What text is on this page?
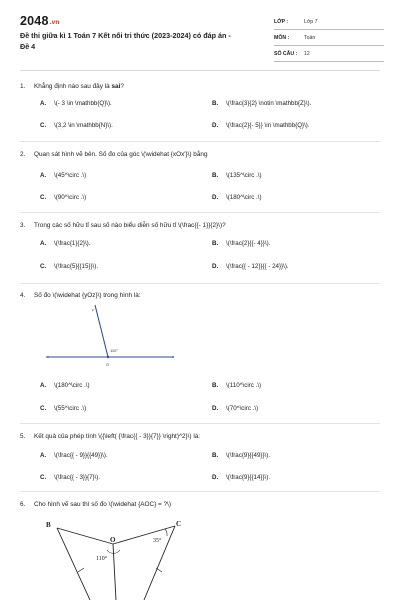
2048.vn
Đề thi giữa kì 1 Toán 7 Kết nối tri thức (2023-2024) có đáp án - Đề 4
LỚP :	Lớp 7
MÔN :	Toán
SỐ CÂU : 12
1. Khẳng định nào sau đây là sai?
A. \(- 3 \in \mathbb{Q}\).	B. \(\frac{3}{2} \notin \mathbb{Z}\).
C. \(3,2 \in \mathbb{N}\).	D. \(\frac{2}{- 5}} \in \mathbb{Q}\).
2. Quan sát hình vẽ bên. Số đo của góc \(\widehat {xOx'}\) bằng
A. \(45^\circ .\)	B. \(135^\circ .\)
C. \(90^\circ .\)	D. \(180^\circ .\)
3. Trong các số hữu tỉ sau số nào biểu diễn số hữu tỉ \(\frac{{- 1}}{2}\)?
A. \(\frac{1}{2}\).	B. \(\frac{2}{{- 4}}\).
C. \(\frac{5}{{15}}\).	D. \(\frac{{ - 12}}{{ - 24}}\).
4. Số đo \(\widehat {yOz}\) trong hình là:
110°
O
z
A. \(180^\circ .\)	B. \(110^\circ .\)
C. \(55^\circ .\)	D. \(70^\circ .\)
5. Kết quả của phép tính \({\left( {\frac{{ - 3}}{7}} \right)^2}\) là:
A. \(\frac{{ - 9}}{{49}}\).	B. \(\frac{9}{{49}}\).
C. \(\frac{{ - 3}}{7}\).	D. \(\frac{9}{{14}}\).
6. Cho hình vẽ sau thì số đo \(\widehat {AOC} = ?\)
B	C
O
110°
35°
